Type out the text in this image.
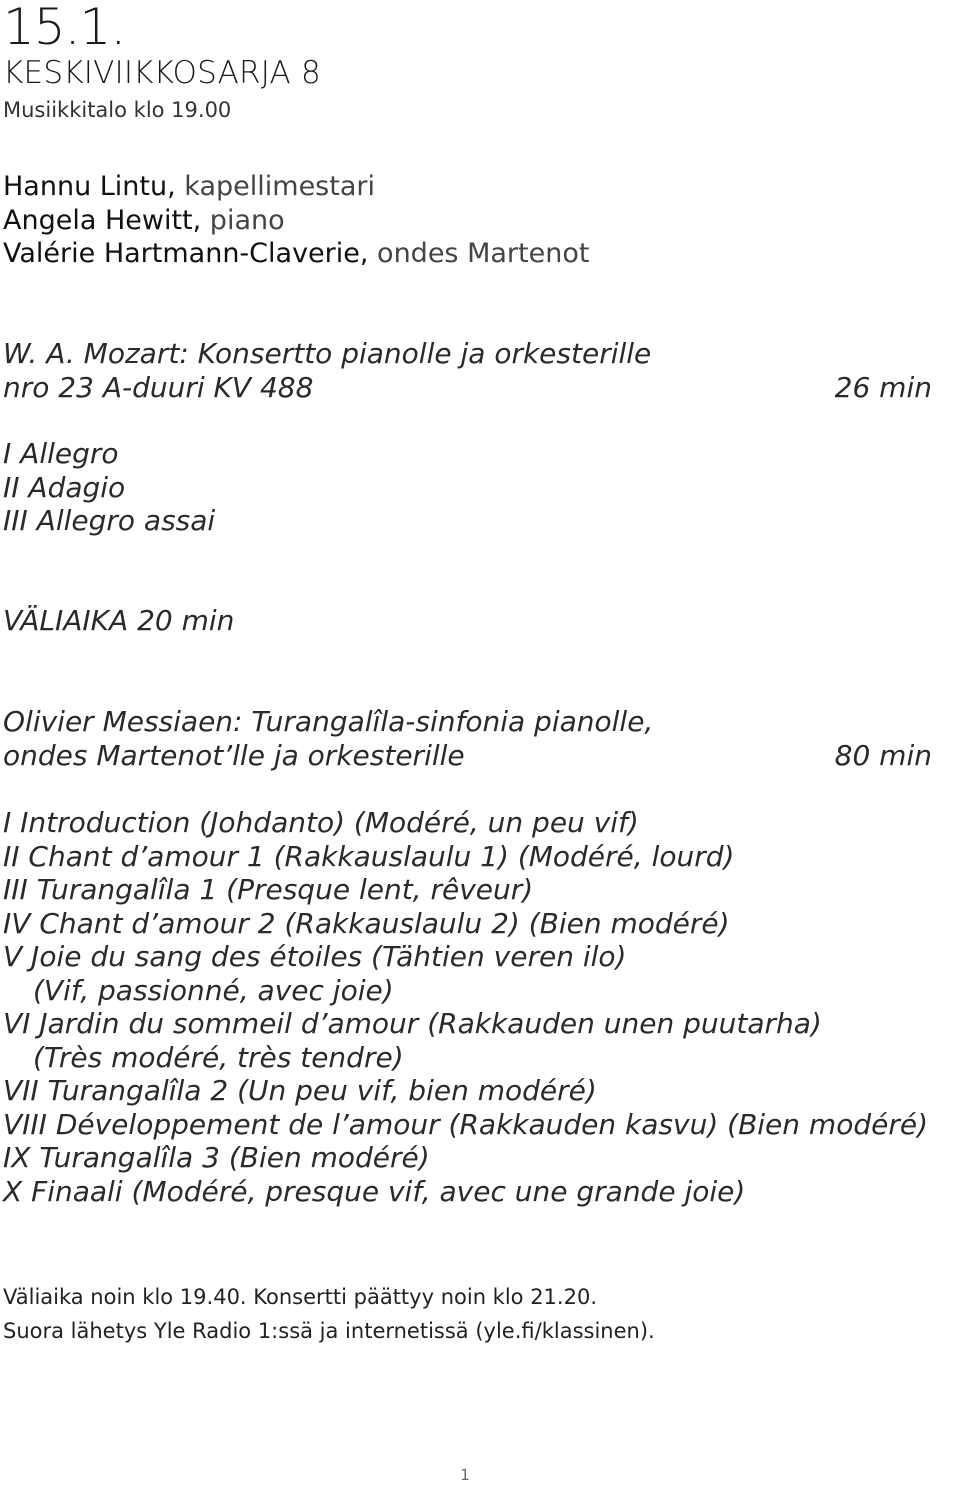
15.1.
KESKIVIIKKOSARJA 8
Musiikkitalo klo 19.00
Hannu Lintu, kapellimestari
Angela Hewitt, piano
Valérie Hartmann-Claverie, ondes Martenot
W. A. Mozart: Konsertto pianolle ja orkesterille
nro 23 A-duuri KV 488	26 min
I Allegro
II Adagio
III Allegro assai
VÄLIAIKA 20 min
Olivier Messiaen: Turangalîla-sinfonia pianolle,
ondes Martenot’lle ja orkesterille	80 min
I Introduction (Johdanto) (Modéré, un peu vif)
II Chant d’amour 1 (Rakkauslaulu 1) (Modéré, lourd)
III Turangalîla 1 (Presque lent, rêveur)
IV Chant d’amour 2 (Rakkauslaulu 2) (Bien modéré)
V Joie du sang des étoiles (Tähtien veren ilo)
(Vif, passionné, avec joie)
VI Jardin du sommeil d’amour (Rakkauden unen puutarha)
(Très modéré, très tendre)
VII Turangalîla 2 (Un peu vif, bien modéré)
VIII Développement de l’amour (Rakkauden kasvu) (Bien modéré)
IX Turangalîla 3 (Bien modéré)
X Finaali (Modéré, presque vif, avec une grande joie)
Väliaika noin klo 19.40. Konsertti päättyy noin klo 21.20.
Suora lähetys Yle Radio 1:ssä ja internetissä (yle.fi/klassinen).
1
